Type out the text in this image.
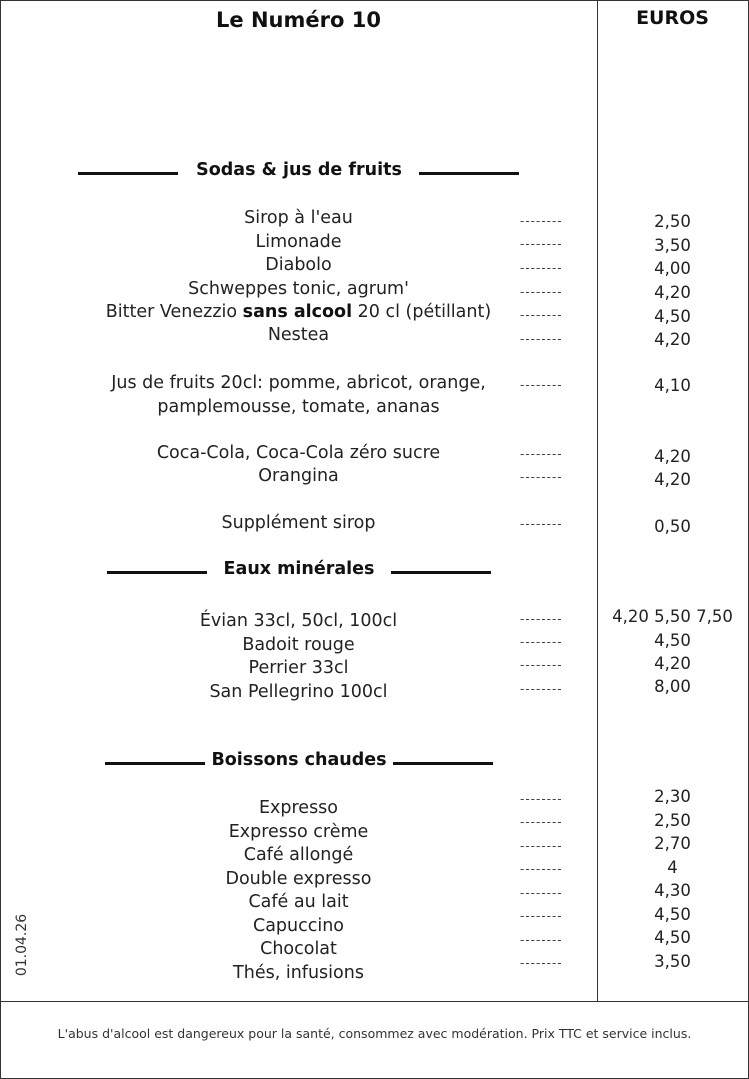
Le Numéro 10	EUROS
Sodas & jus de fruits
Eaux minérales
Boissons chaudes
Sirop à l'eau	--------	2,50
Limonade	--------	3,50
Diabolo	--------	4,00
Schweppes tonic, agrum'	--------	4,20
Bitter Venezzio sans alcool 20 cl (pétillant)	--------	4,50
Nestea	--------	4,20
Jus de fruits 20cl: pomme, abricot, orange,
pamplemousse, tomate, ananas
--------	4,10
Coca-Cola, Coca-Cola zéro sucre	--------	4,20
Orangina	--------	4,20
Supplément sirop	--------	0,50
Évian 33cl, 50cl, 100cl	--------	4,20 5,50 7,50
Badoit rouge	--------	4,50
Perrier 33cl	--------	4,20
San Pellegrino 100cl	--------	8,00
Expresso	--------	2,30
Expresso crème	--------	2,50
Café allongé	--------	2,70
Double expresso	--------	4
Café au lait	--------	4,30
Capuccino	--------	4,50
Chocolat	--------	4,50
Thés, infusions	--------	3,50
01.04.26
L'abus d'alcool est dangereux pour la santé, consommez avec modération. Prix TTC et service inclus.
